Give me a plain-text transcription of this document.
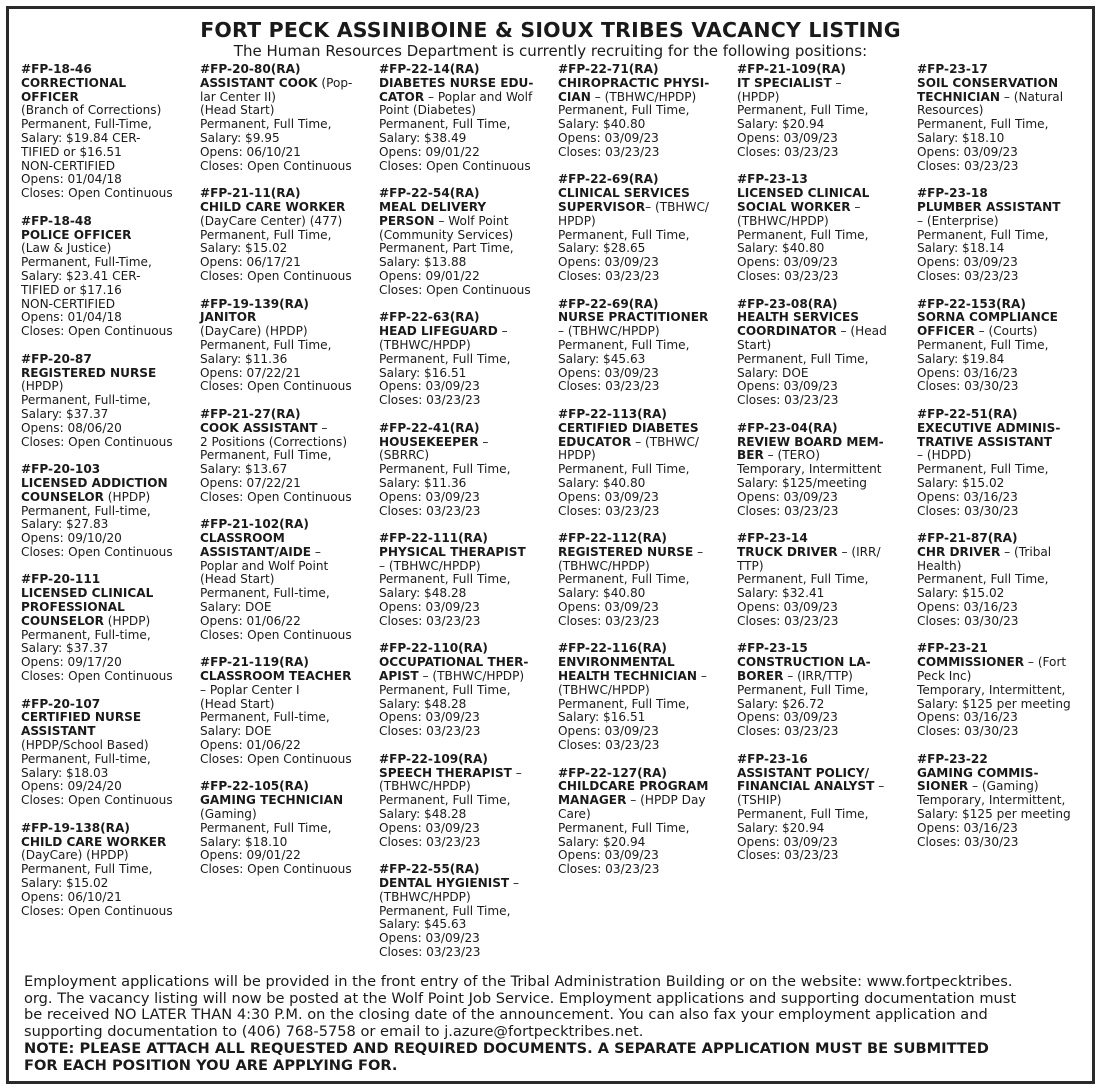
FORT PECK ASSINIBOINE & SIOUX TRIBES VACANCY LISTING
The Human Resources Department is currently recruiting for the following positions:
#FP-18-46
CORRECTIONAL
OFFICER
(Branch of Corrections)
Permanent, Full-Time,
Salary: $19.84 CER-
TIFIED or $16.51
NON-CERTIFIED
Opens: 01/04/18
Closes: Open Continuous
#FP-18-48
POLICE OFFICER
(Law & Justice)
Permanent, Full-Time,
Salary: $23.41 CER-
TIFIED or $17.16
NON-CERTIFIED
Opens: 01/04/18
Closes: Open Continuous
#FP-20-87
REGISTERED NURSE
(HPDP)
Permanent, Full-time,
Salary: $37.37
Opens: 08/06/20
Closes: Open Continuous
#FP-20-103
LICENSED ADDICTION
COUNSELOR (HPDP)
Permanent, Full-time,
Salary: $27.83
Opens: 09/10/20
Closes: Open Continuous
#FP-20-111
LICENSED CLINICAL
PROFESSIONAL
COUNSELOR (HPDP)
Permanent, Full-time,
Salary: $37.37
Opens: 09/17/20
Closes: Open Continuous
#FP-20-107
CERTIFIED NURSE
ASSISTANT
(HPDP/School Based)
Permanent, Full-time,
Salary: $18.03
Opens: 09/24/20
Closes: Open Continuous
#FP-19-138(RA)
CHILD CARE WORKER
(DayCare) (HPDP)
Permanent, Full Time,
Salary: $15.02
Opens: 06/10/21
Closes: Open Continuous
#FP-20-80(RA)
ASSISTANT COOK (Pop-
lar Center II)
(Head Start)
Permanent, Full Time,
Salary: $9.95
Opens: 06/10/21
Closes: Open Continuous
#FP-21-11(RA)
CHILD CARE WORKER
(DayCare Center) (477)
Permanent, Full Time,
Salary: $15.02
Opens: 06/17/21
Closes: Open Continuous
#FP-19-139(RA)
JANITOR
(DayCare) (HPDP)
Permanent, Full Time,
Salary: $11.36
Opens: 07/22/21
Closes: Open Continuous
#FP-21-27(RA)
COOK ASSISTANT –
2 Positions (Corrections)
Permanent, Full Time,
Salary: $13.67
Opens: 07/22/21
Closes: Open Continuous
#FP-21-102(RA)
CLASSROOM
ASSISTANT/AIDE –
Poplar and Wolf Point
(Head Start)
Permanent, Full-time,
Salary: DOE
Opens: 01/06/22
Closes: Open Continuous
#FP-21-119(RA)
CLASSROOM TEACHER
– Poplar Center I
(Head Start)
Permanent, Full-time,
Salary: DOE
Opens: 01/06/22
Closes: Open Continuous
#FP-22-105(RA)
GAMING TECHNICIAN
(Gaming)
Permanent, Full Time,
Salary: $18.10
Opens: 09/01/22
Closes: Open Continuous
#FP-22-14(RA)
DIABETES NURSE EDU-
CATOR – Poplar and Wolf
Point (Diabetes)
Permanent, Full Time,
Salary: $38.49
Opens: 09/01/22
Closes: Open Continuous
#FP-22-54(RA)
MEAL DELIVERY
PERSON – Wolf Point
(Community Services)
Permanent, Part Time,
Salary: $13.88
Opens: 09/01/22
Closes: Open Continuous
#FP-22-63(RA)
HEAD LIFEGUARD –
(TBHWC/HPDP)
Permanent, Full Time,
Salary: $16.51
Opens: 03/09/23
Closes: 03/23/23
#FP-22-41(RA)
HOUSEKEEPER –
(SBRRC)
Permanent, Full Time,
Salary: $11.36
Opens: 03/09/23
Closes: 03/23/23
#FP-22-111(RA)
PHYSICAL THERAPIST
– (TBHWC/HPDP)
Permanent, Full Time,
Salary: $48.28
Opens: 03/09/23
Closes: 03/23/23
#FP-22-110(RA)
OCCUPATIONAL THER-
APIST – (TBHWC/HPDP)
Permanent, Full Time,
Salary: $48.28
Opens: 03/09/23
Closes: 03/23/23
#FP-22-109(RA)
SPEECH THERAPIST –
(TBHWC/HPDP)
Permanent, Full Time,
Salary: $48.28
Opens: 03/09/23
Closes: 03/23/23
#FP-22-55(RA)
DENTAL HYGIENIST –
(TBHWC/HPDP)
Permanent, Full Time,
Salary: $45.63
Opens: 03/09/23
Closes: 03/23/23
#FP-22-71(RA)
CHIROPRACTIC PHYSI-
CIAN – (TBHWC/HPDP)
Permanent, Full Time,
Salary: $40.80
Opens: 03/09/23
Closes: 03/23/23
#FP-22-69(RA)
CLINICAL SERVICES
SUPERVISOR– (TBHWC/
HPDP)
Permanent, Full Time,
Salary: $28.65
Opens: 03/09/23
Closes: 03/23/23
#FP-22-69(RA)
NURSE PRACTITIONER
– (TBHWC/HPDP)
Permanent, Full Time,
Salary: $45.63
Opens: 03/09/23
Closes: 03/23/23
#FP-22-113(RA)
CERTIFIED DIABETES
EDUCATOR – (TBHWC/
HPDP)
Permanent, Full Time,
Salary: $40.80
Opens: 03/09/23
Closes: 03/23/23
#FP-22-112(RA)
REGISTERED NURSE –
(TBHWC/HPDP)
Permanent, Full Time,
Salary: $40.80
Opens: 03/09/23
Closes: 03/23/23
#FP-22-116(RA)
ENVIRONMENTAL
HEALTH TECHNICIAN –
(TBHWC/HPDP)
Permanent, Full Time,
Salary: $16.51
Opens: 03/09/23
Closes: 03/23/23
#FP-22-127(RA)
CHILDCARE PROGRAM
MANAGER – (HPDP Day
Care)
Permanent, Full Time,
Salary: $20.94
Opens: 03/09/23
Closes: 03/23/23
#FP-21-109(RA)
IT SPECIALIST –
(HPDP)
Permanent, Full Time,
Salary: $20.94
Opens: 03/09/23
Closes: 03/23/23
#FP-23-13
LICENSED CLINICAL
SOCIAL WORKER –
(TBHWC/HPDP)
Permanent, Full Time,
Salary: $40.80
Opens: 03/09/23
Closes: 03/23/23
#FP-23-08(RA)
HEALTH SERVICES
COORDINATOR – (Head
Start)
Permanent, Full Time,
Salary: DOE
Opens: 03/09/23
Closes: 03/23/23
#FP-23-04(RA)
REVIEW BOARD MEM-
BER – (TERO)
Temporary, Intermittent
Salary: $125/meeting
Opens: 03/09/23
Closes: 03/23/23
#FP-23-14
TRUCK DRIVER – (IRR/
TTP)
Permanent, Full Time,
Salary: $32.41
Opens: 03/09/23
Closes: 03/23/23
#FP-23-15
CONSTRUCTION LA-
BORER – (IRR/TTP)
Permanent, Full Time,
Salary: $26.72
Opens: 03/09/23
Closes: 03/23/23
#FP-23-16
ASSISTANT POLICY/
FINANCIAL ANALYST –
(TSHIP)
Permanent, Full Time,
Salary: $20.94
Opens: 03/09/23
Closes: 03/23/23
#FP-23-17
SOIL CONSERVATION
TECHNICIAN – (Natural
Resources)
Permanent, Full Time,
Salary: $18.10
Opens: 03/09/23
Closes: 03/23/23
#FP-23-18
PLUMBER ASSISTANT
– (Enterprise)
Permanent, Full Time,
Salary: $18.14
Opens: 03/09/23
Closes: 03/23/23
#FP-22-153(RA)
SORNA COMPLIANCE
OFFICER – (Courts)
Permanent, Full Time,
Salary: $19.84
Opens: 03/16/23
Closes: 03/30/23
#FP-22-51(RA)
EXECUTIVE ADMINIS-
TRATIVE ASSISTANT
– (HDPD)
Permanent, Full Time,
Salary: $15.02
Opens: 03/16/23
Closes: 03/30/23
#FP-21-87(RA)
CHR DRIVER – (Tribal
Health)
Permanent, Full Time,
Salary: $15.02
Opens: 03/16/23
Closes: 03/30/23
#FP-23-21
COMMISSIONER – (Fort
Peck Inc)
Temporary, Intermittent,
Salary: $125 per meeting
Opens: 03/16/23
Closes: 03/30/23
#FP-23-22
GAMING COMMIS-
SIONER – (Gaming)
Temporary, Intermittent,
Salary: $125 per meeting
Opens: 03/16/23
Closes: 03/30/23
Employment applications will be provided in the front entry of the Tribal Administration Building or on the website: www.fortpecktribes.
org. The vacancy listing will now be posted at the Wolf Point Job Service. Employment applications and supporting documentation must
be received NO LATER THAN 4:30 P.M. on the closing date of the announcement. You can also fax your employment application and
supporting documentation to (406) 768-5758 or email to j.azure@fortpecktribes.net.
NOTE: PLEASE ATTACH ALL REQUESTED AND REQUIRED DOCUMENTS. A SEPARATE APPLICATION MUST BE SUBMITTED
FOR EACH POSITION YOU ARE APPLYING FOR.
